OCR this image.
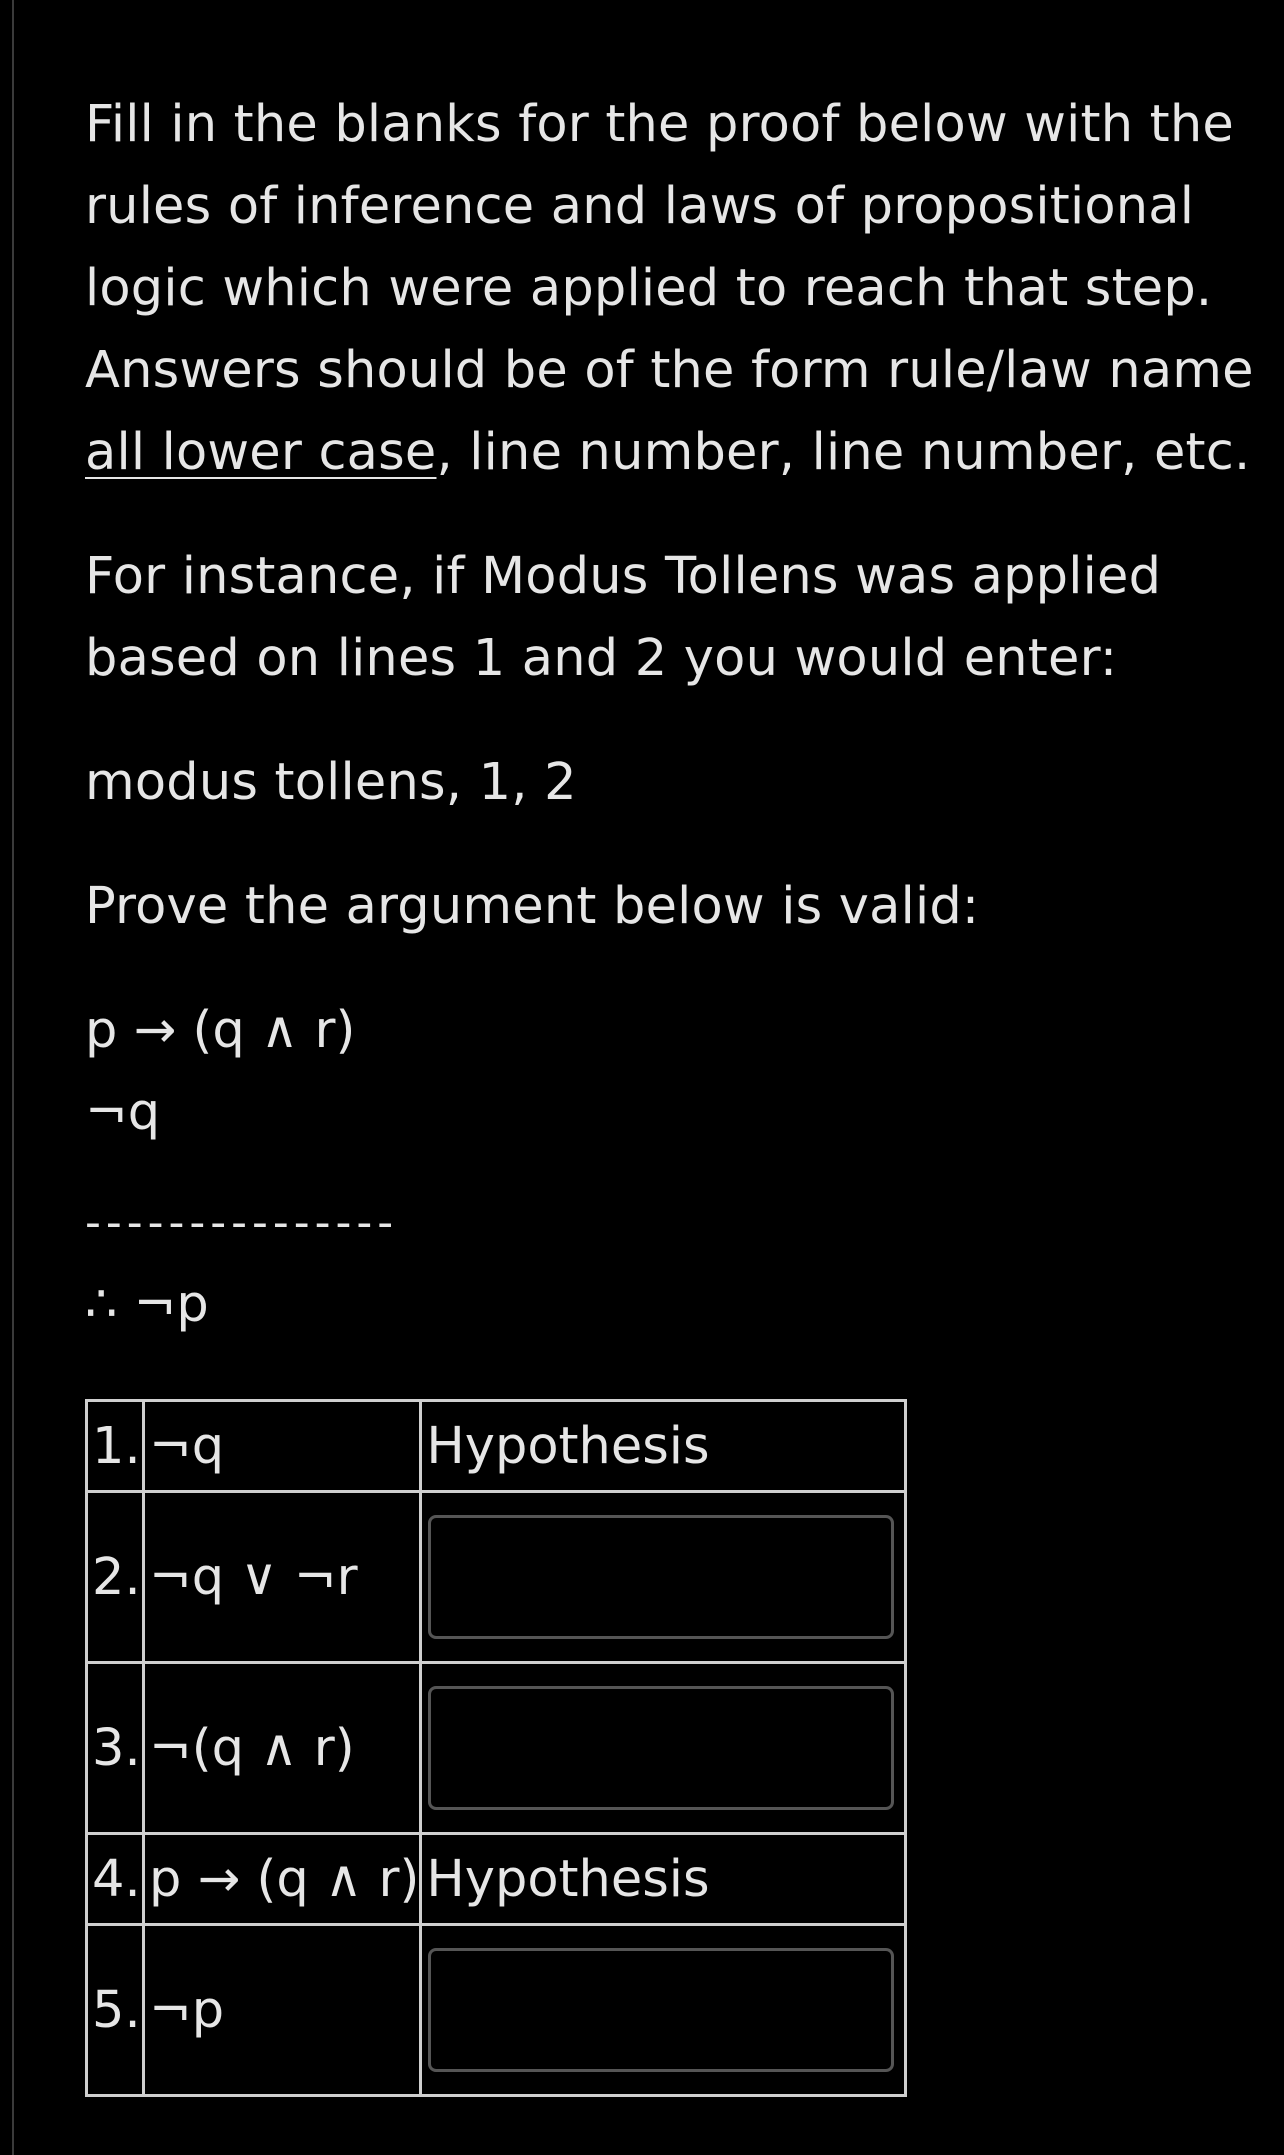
Fill in the blanks for the proof below with the

rules of inference and laws of propositional

logic which were applied to reach that step.

Answers should be of the form rule/law name

all lower case, line number, line number, etc.

For instance, if Modus Tollens was applied

based on lines 1 and 2 you would enter:

modus tollens, 1, 2

Prove the argument below is valid:

p → (q ∧ r)

¬q

---------------

∴ ¬p

1.	¬q	Hypothesis
2.	¬q ∨ ¬r	

3.	¬(q ∧ r)	

4.	p → (q ∧ r)	Hypothesis
5.	¬p	
